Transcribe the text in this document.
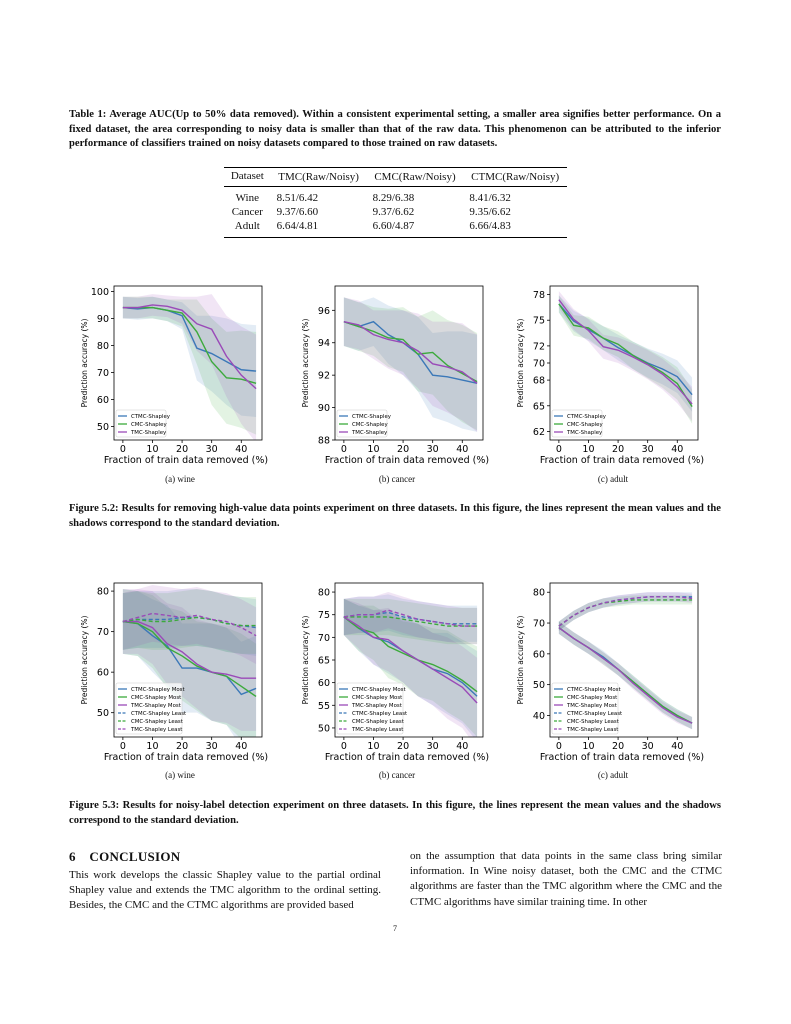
Table 1: Average AUC(Up to 50% data removed). Within a consistent experimental setting, a smaller area signifies better performance. On a fixed dataset, the area corresponding to noisy data is smaller than that of the raw data. This phenomenon can be attributed to the inferior performance of classifiers trained on noisy datasets compared to those trained on raw datasets.
Dataset	TMC(Raw/Noisy)	CMC(Raw/Noisy)	CTMC(Raw/Noisy)
Wine	8.51/6.42	8.29/6.38	8.41/6.32
Cancer	9.37/6.60	9.37/6.62	9.35/6.62
Adult	6.64/4.81	6.60/4.87	6.66/4.83
0 10 20 30 40
50
60
70
80
90
100
Fraction of train data removed (%)
Prediction accuracy (%)
CTMC-Shapley
CMC-Shapley
TMC-Shapley
0 10 20 30 40
88
90
92
94
96
Fraction of train data removed (%)
Prediction accuracy (%)
CTMC-Shapley
CMC-Shapley
TMC-Shapley
0 10 20 30 40
62
65
68
70
72
75
78
Fraction of train data removed (%)
Prediction accuracy (%)
CTMC-Shapley
CMC-Shapley
TMC-Shapley
(a) wine	(b) cancer	(c) adult
Figure 5.2: Results for removing high-value data points experiment on three datasets. In this figure, the lines represent the mean values and the shadows correspond to the standard deviation.
0 10 20 30 40
50
60
70
80
Fraction of train data removed (%)
Prediction accuracy (%)	CTMC-Shapley Most
CMC-Shapley Most
TMC-Shapley Most
CTMC-Shapley Least
CMC-Shapley Least
TMC-Shapley Least
0 10 20 30 40
50
55
60
65
70
75
80
Fraction of train data removed (%)
Prediction accuracy (%)	CTMC-Shapley Most
CMC-Shapley Most
TMC-Shapley Most
CTMC-Shapley Least
CMC-Shapley Least
TMC-Shapley Least
0 10 20 30 40
40
50
60
70
80
Fraction of train data removed (%)
Prediction accuracy (%)	CTMC-Shapley Most
CMC-Shapley Most
TMC-Shapley Most
CTMC-Shapley Least
CMC-Shapley Least
TMC-Shapley Least
(a) wine	(b) cancer	(c) adult
Figure 5.3: Results for noisy-label detection experiment on three datasets. In this figure, the lines represent the mean values and the shadows correspond to the standard deviation.
6 CONCLUSION
This work develops the classic Shapley value to the partial ordinal Shapley value and extends the TMC algorithm to the ordinal setting. Besides, the CMC and the CTMC algorithms are provided based
on the assumption that data points in the same class bring similar information. In Wine noisy dataset, both the CMC and the CTMC algorithms are faster than the TMC algorithm where the CMC and the CTMC algorithms have similar training time. In other
7
